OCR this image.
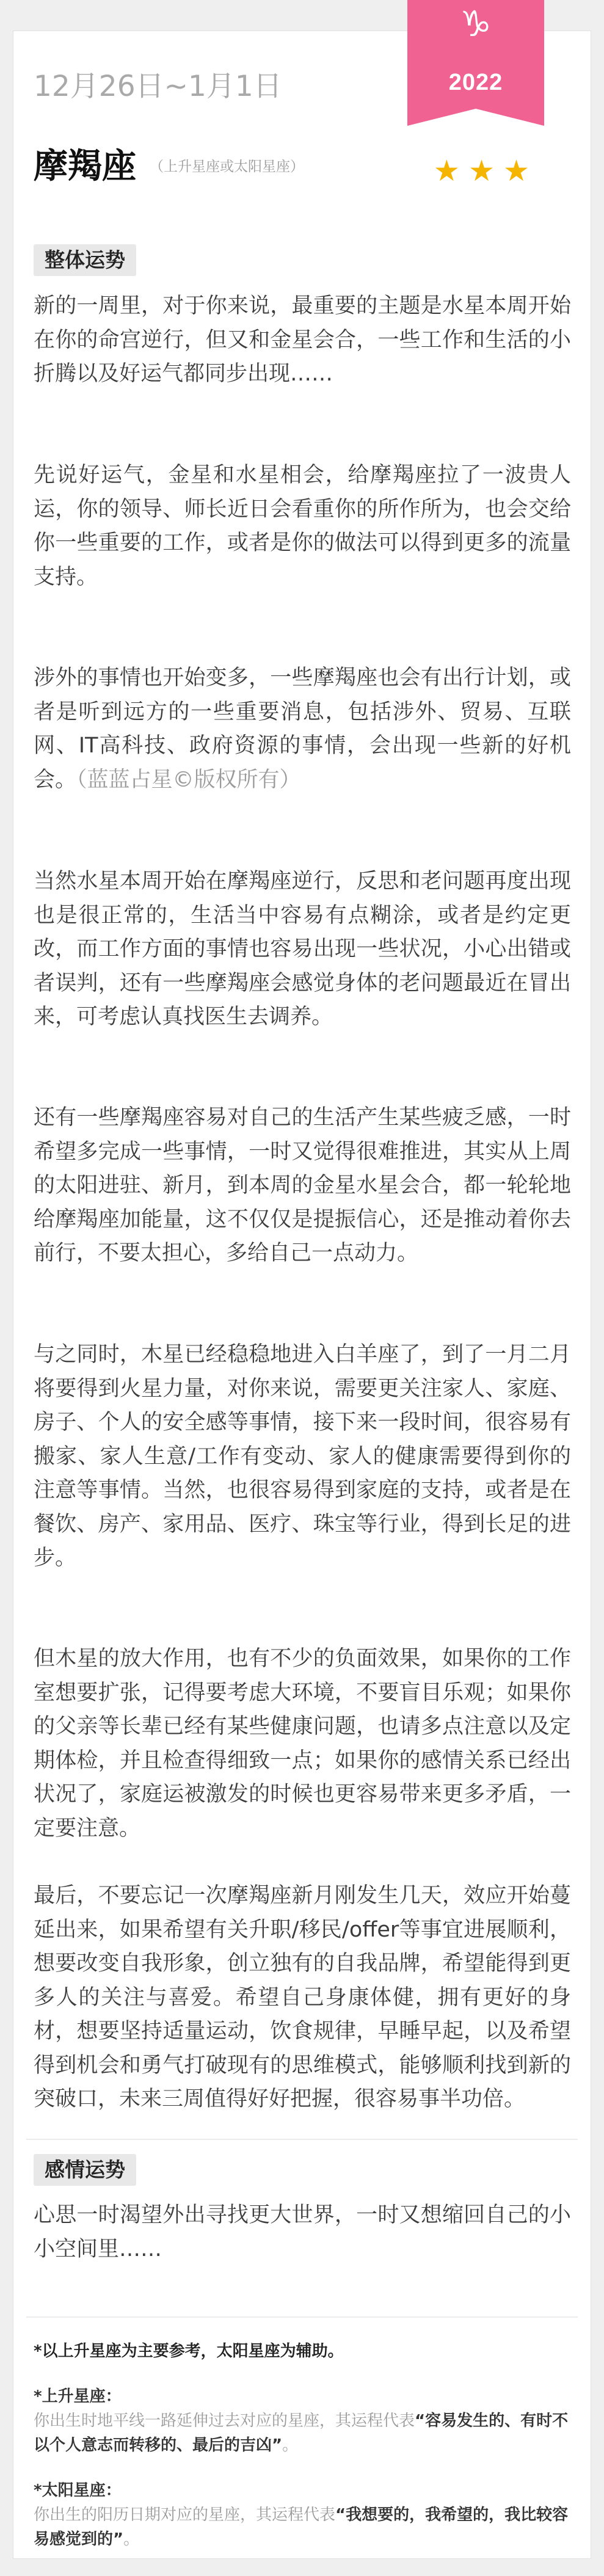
♑
2022
12月26日~1月1日
摩羯座 （上升星座或太阳星座）	★★★
整体运势

新的一周里，对于你来说，最重要的主题是水星本周开始在你的命宫逆行，但又和金星会合，一些工作和生活的小折腾以及好运气都同步出现……

先说好运气，金星和水星相会，给摩羯座拉了一波贵人运，你的领导、师长近日会看重你的所作所为，也会交给你一些重要的工作，或者是你的做法可以得到更多的流量支持。

涉外的事情也开始变多，一些摩羯座也会有出行计划，或者是听到远方的一些重要消息，包括涉外、贸易、互联网、IT高科技、政府资源的事情，会出现一些新的好机会。（蓝蓝占星©版权所有）

当然水星本周开始在摩羯座逆行，反思和老问题再度出现也是很正常的，生活当中容易有点糊涂，或者是约定更改，而工作方面的事情也容易出现一些状况，小心出错或者误判，还有一些摩羯座会感觉身体的老问题最近在冒出来，可考虑认真找医生去调养。

还有一些摩羯座容易对自己的生活产生某些疲乏感，一时希望多完成一些事情，一时又觉得很难推进，其实从上周的太阳进驻、新月，到本周的金星水星会合，都一轮轮地给摩羯座加能量，这不仅仅是提振信心，还是推动着你去前行，不要太担心，多给自己一点动力。

与之同时，木星已经稳稳地进入白羊座了，到了一月二月将要得到火星力量，对你来说，需要更关注家人、家庭、房子、个人的安全感等事情，接下来一段时间，很容易有搬家、家人生意/工作有变动、家人的健康需要得到你的注意等事情。当然，也很容易得到家庭的支持，或者是在餐饮、房产、家用品、医疗、珠宝等行业，得到长足的进步。

但木星的放大作用，也有不少的负面效果，如果你的工作室想要扩张，记得要考虑大环境，不要盲目乐观；如果你的父亲等长辈已经有某些健康问题，也请多点注意以及定期体检，并且检查得细致一点；如果你的感情关系已经出状况了，家庭运被激发的时候也更容易带来更多矛盾，一定要注意。

最后，不要忘记一次摩羯座新月刚发生几天，效应开始蔓延出来，如果希望有关升职/移民/offer等事宜进展顺利，想要改变自我形象，创立独有的自我品牌，希望能得到更多人的关注与喜爱。希望自己身康体健，拥有更好的身材，想要坚持适量运动，饮食规律，早睡早起，以及希望得到机会和勇气打破现有的思维模式，能够顺利找到新的突破口，未来三周值得好好把握，很容易事半功倍。

感情运势

心思一时渴望外出寻找更大世界，一时又想缩回自己的小小空间里……

*以上升星座为主要参考，太阳星座为辅助。

*上升星座：

你出生时地平线一路延伸过去对应的星座，其运程代表“容易发生的、有时不以个人意志而转移的、最后的吉凶”。

*太阳星座：

你出生的阳历日期对应的星座，其运程代表“我想要的，我希望的，我比较容易感觉到的”。
